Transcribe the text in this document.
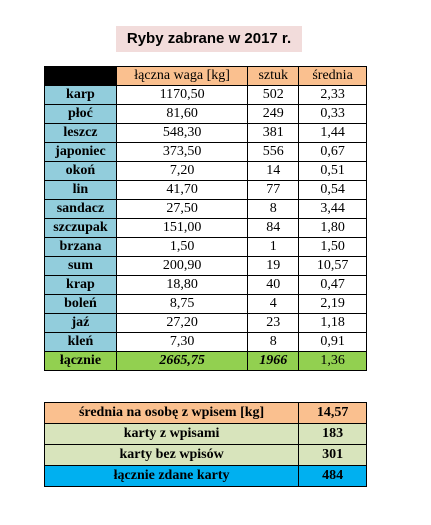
Ryby zabrane w 2017 r.
	łączna waga [kg]	sztuk	średnia
karp	1170,50	502	2,33
płoć	81,60	249	0,33
leszcz	548,30	381	1,44
japoniec	373,50	556	0,67
okoń	7,20	14	0,51
lin	41,70	77	0,54
sandacz	27,50	8	3,44
szczupak	151,00	84	1,80
brzana	1,50	1	1,50
sum	200,90	19	10,57
krap	18,80	40	0,47
boleń	8,75	4	2,19
jaź	27,20	23	1,18
kleń	7,30	8	0,91
łącznie	2665,75	1966	1,36
średnia na osobę z wpisem [kg]	14,57
karty z wpisami	183
karty bez wpisów	301
łącznie zdane karty	484
